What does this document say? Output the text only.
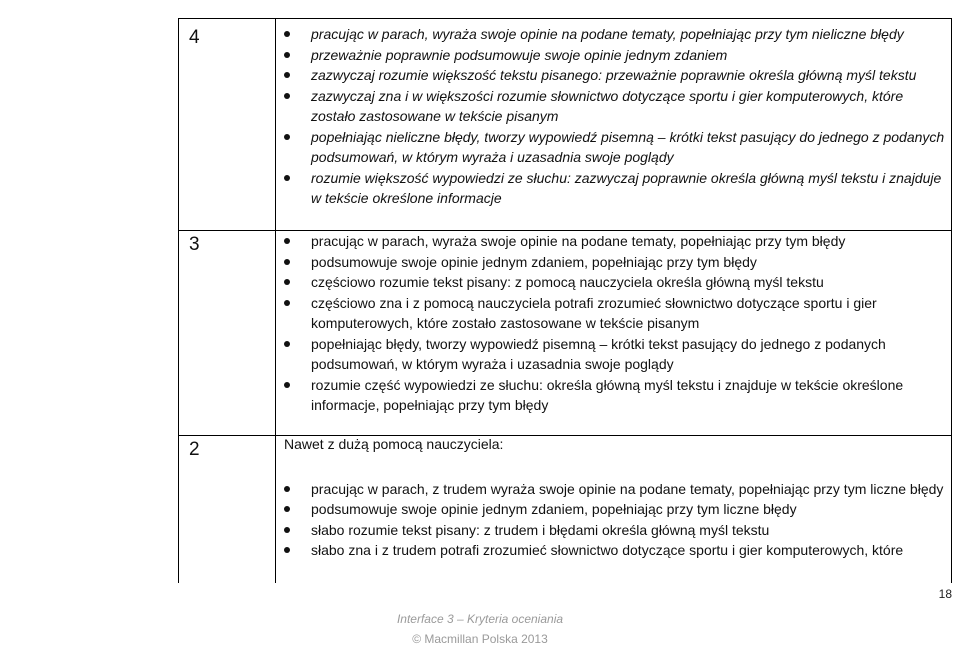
4	pracując w parach, wyraża swoje opinie na podane tematy, popełniając przy tym nieliczne błędy
przeważnie poprawnie podsumowuje swoje opinie jednym zdaniem
zazwyczaj rozumie większość tekstu pisanego: przeważnie poprawnie określa główną myśl tekstu
zazwyczaj zna i w większości rozumie słownictwo dotyczące sportu i gier komputerowych, które zostało zastosowane w tekście pisanym
popełniając nieliczne błędy, tworzy wypowiedź pisemną – krótki tekst pasujący do jednego z podanych podsumowań, w którym wyraża i uzasadnia swoje poglądy
rozumie większość wypowiedzi ze słuchu: zazwyczaj poprawnie określa główną myśl tekstu i znajduje w tekście określone informacje
3	pracując w parach, wyraża swoje opinie na podane tematy, popełniając przy tym błędy
podsumowuje swoje opinie jednym zdaniem, popełniając przy tym błędy
częściowo rozumie tekst pisany: z pomocą nauczyciela określa główną myśl tekstu
częściowo zna i z pomocą nauczyciela potrafi zrozumieć słownictwo dotyczące sportu i gier komputerowych, które zostało zastosowane w tekście pisanym
popełniając błędy, tworzy wypowiedź pisemną – krótki tekst pasujący do jednego z podanych podsumowań, w którym wyraża i uzasadnia swoje poglądy
rozumie część wypowiedzi ze słuchu: określa główną myśl tekstu i znajduje w tekście określone informacje, popełniając przy tym błędy
2	Nawet z dużą pomocą nauczyciela:
pracując w parach, z trudem wyraża swoje opinie na podane tematy, popełniając przy tym liczne błędy
podsumowuje swoje opinie jednym zdaniem, popełniając przy tym liczne błędy
słabo rozumie tekst pisany: z trudem i błędami określa główną myśl tekstu
słabo zna i z trudem potrafi zrozumieć słownictwo dotyczące sportu i gier komputerowych, które
18
Interface 3 – Kryteria oceniania
© Macmillan Polska 2013
